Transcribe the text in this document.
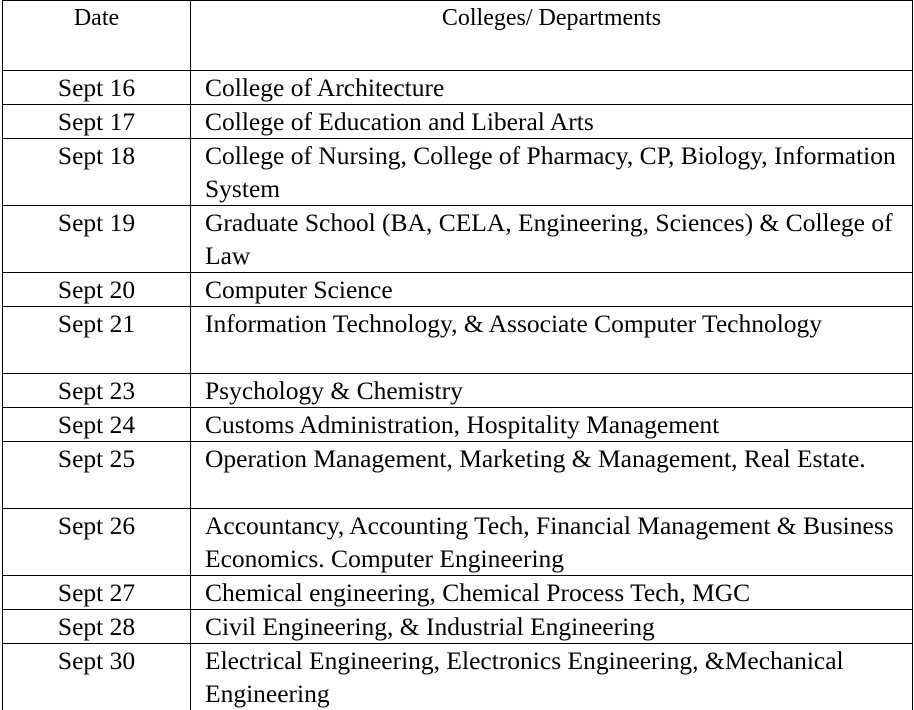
Date	Colleges/ Departments
Sept 16	College of Architecture
Sept 17	College of Education and Liberal Arts
Sept 18	College of Nursing, College of Pharmacy, CP, Biology, Information System
Sept 19	Graduate School (BA, CELA, Engineering, Sciences) & College of Law
Sept 20	Computer Science
Sept 21	Information Technology, & Associate Computer Technology
Sept 23	Psychology & Chemistry
Sept 24	Customs Administration, Hospitality Management
Sept 25	Operation Management, Marketing & Management, Real Estate.
Sept 26	Accountancy, Accounting Tech, Financial Management & Business Economics. Computer Engineering
Sept 27	Chemical engineering, Chemical Process Tech, MGC
Sept 28	Civil Engineering, & Industrial Engineering
Sept 30	Electrical Engineering, Electronics Engineering, &Mechanical Engineering
